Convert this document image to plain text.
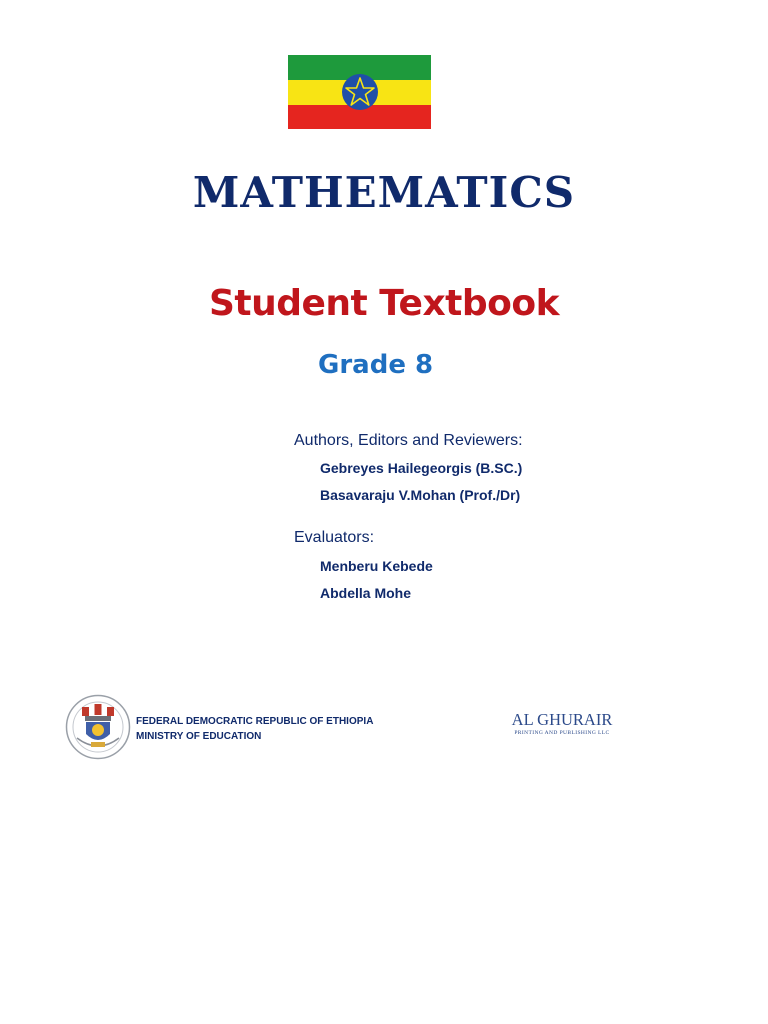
MATHEMATICS
Student Textbook
Grade 8
Authors, Editors and Reviewers:
Gebreyes Hailegeorgis (B.SC.)
Basavaraju V.Mohan (Prof./Dr)
Evaluators:
Menberu Kebede
Abdella Mohe
FEDERAL DEMOCRATIC REPUBLIC OF ETHIOPIA
MINISTRY OF EDUCATION
AL GHURAIR
PRINTING AND PUBLISHING LLC
